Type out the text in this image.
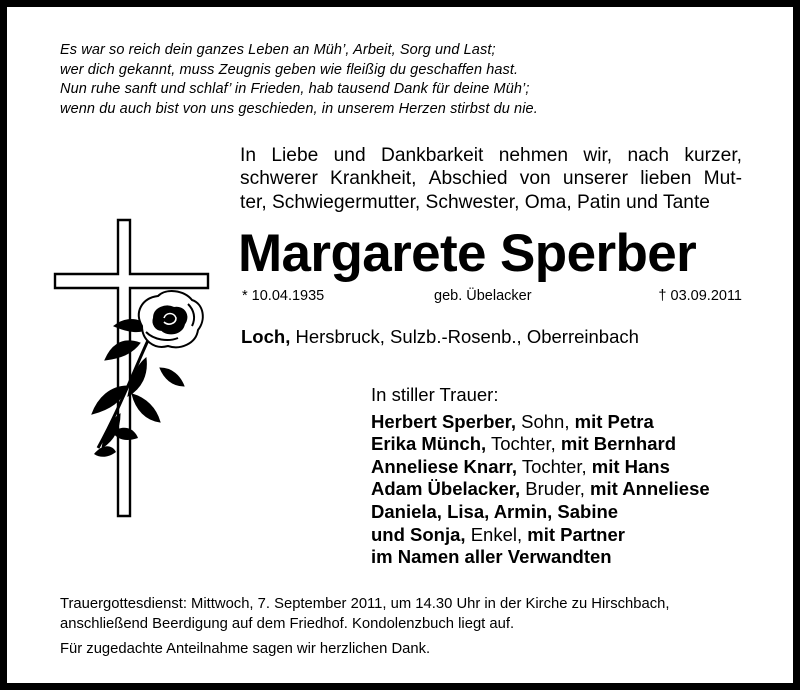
Es war so reich dein ganzes Leben an Müh’, Arbeit, Sorg und Last;
wer dich gekannt, muss Zeugnis geben wie fleißig du geschaffen hast.
Nun ruhe sanft und schlaf’ in Frieden, hab tausend Dank für deine Müh’;
wenn du auch bist von uns geschieden, in unserem Herzen stirbst du nie.
In Liebe und Dankbarkeit nehmen wir, nach kurzer,
schwerer Krankheit, Abschied von unserer lieben Mut-
ter, Schwiegermutter, Schwester, Oma, Patin und Tante
Margarete Sperber
* 10.04.1935	geb. Übelacker	† 03.09.2011
Loch, Hersbruck, Sulzb.-Rosenb., Oberreinbach
In stiller Trauer:
Herbert Sperber, Sohn, mit Petra
Erika Münch, Tochter, mit Bernhard
Anneliese Knarr, Tochter, mit Hans
Adam Übelacker, Bruder, mit Anneliese
Daniela, Lisa, Armin, Sabine
und Sonja, Enkel, mit Partner
im Namen aller Verwandten
Trauergottesdienst: Mittwoch, 7. September 2011, um 14.30 Uhr in der Kirche zu Hirschbach,
anschließend Beerdigung auf dem Friedhof. Kondolenzbuch liegt auf.
Für zugedachte Anteilnahme sagen wir herzlichen Dank.
